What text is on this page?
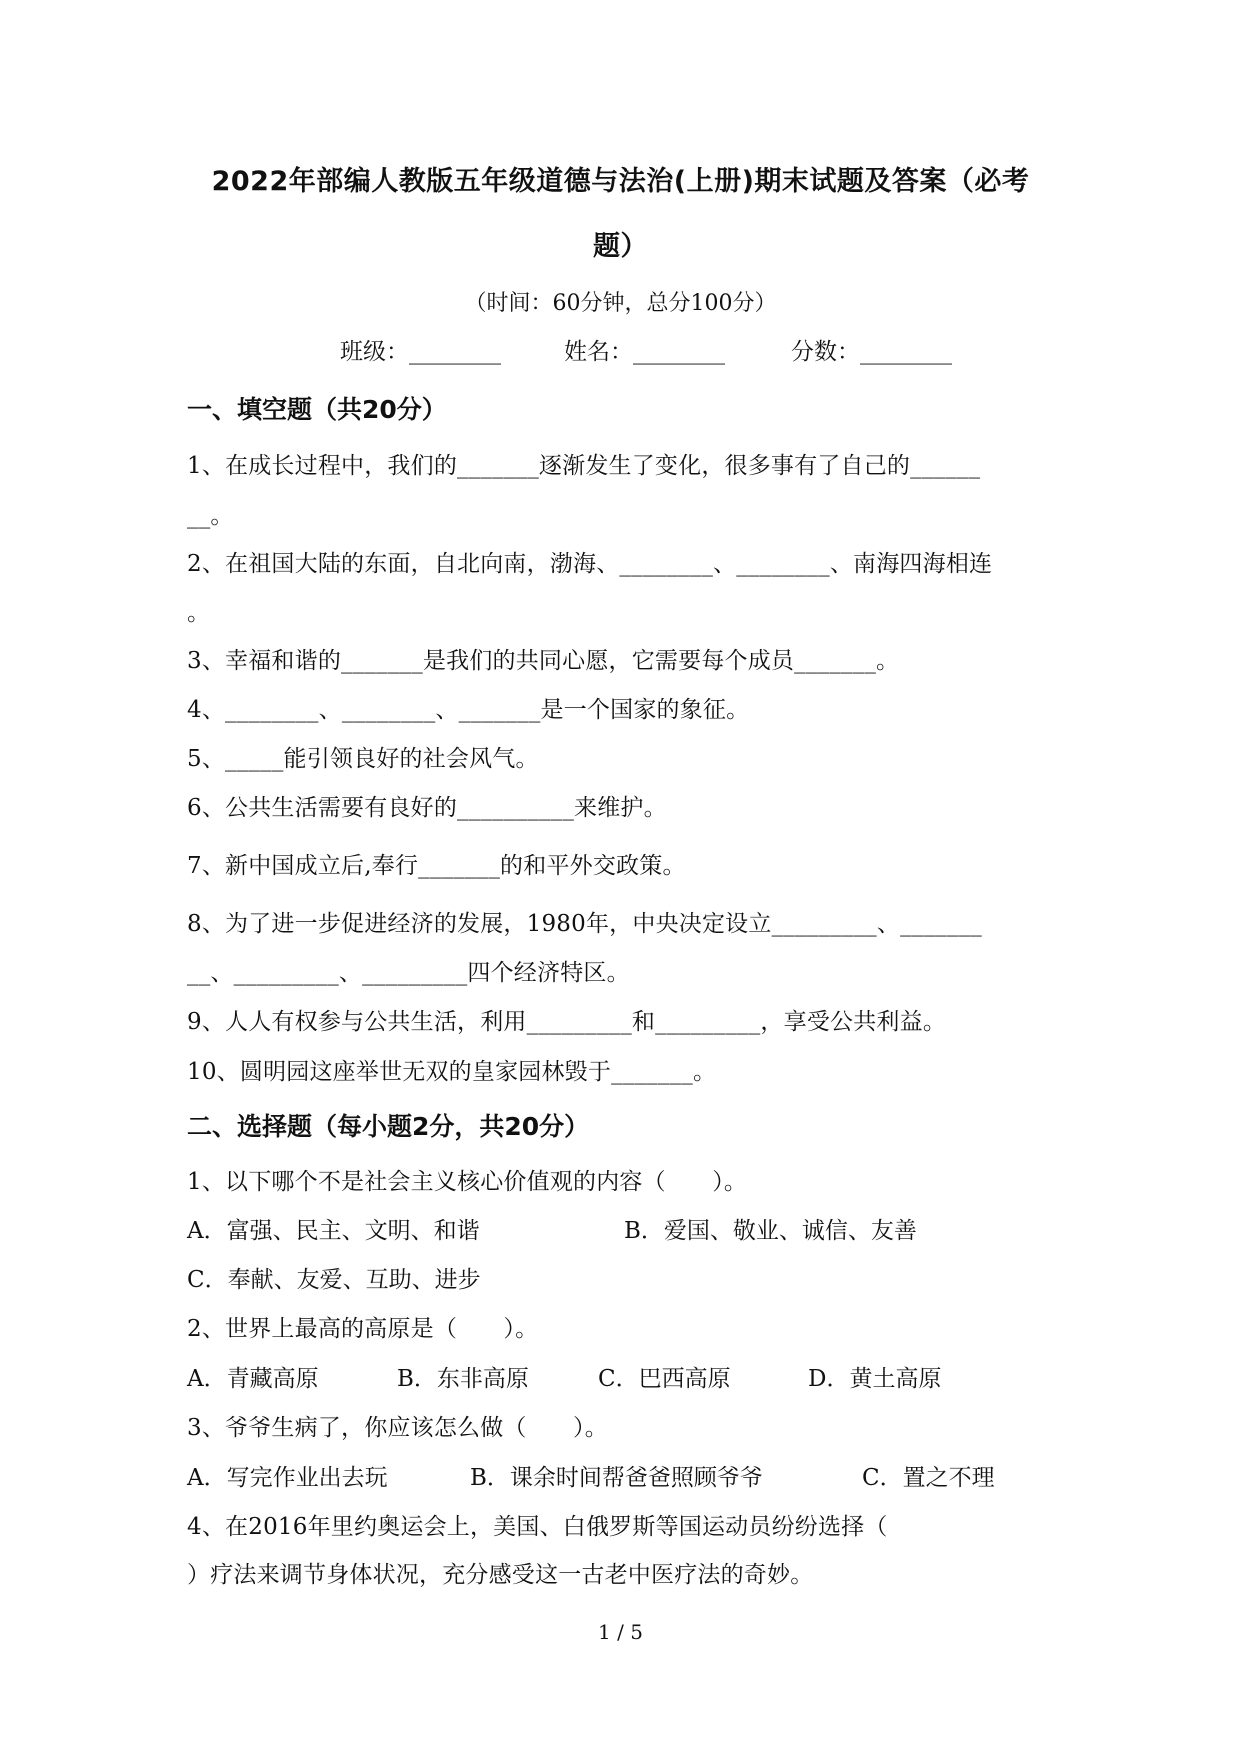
2022年部编人教版五年级道德与法治(上册)期末试题及答案（必考
题）
（时间：60分钟，总分100分）
班级：________	姓名：________	分数：________
一、填空题（共20分）
1、在成长过程中，我们的_______逐渐发生了变化，很多事有了自己的______
__。
2、在祖国大陆的东面，自北向南，渤海、________、________、南海四海相连
。
3、幸福和谐的_______是我们的共同心愿，它需要每个成员_______。
4、________、________、_______是一个国家的象征。
5、_____能引领良好的社会风气。
6、公共生活需要有良好的__________来维护。
7、新中国成立后,奉行_______的和平外交政策。
8、为了进一步促进经济的发展，1980年，中央决定设立_________、_______
__、_________、_________四个经济特区。
9、人人有权参与公共生活，利用_________和_________，享受公共利益。
10、圆明园这座举世无双的皇家园林毁于_______。
二、选择题（每小题2分，共20分）
1、以下哪个不是社会主义核心价值观的内容（　　）。
A．富强、民主、文明、和谐	B．爱国、敬业、诚信、友善
C．奉献、友爱、互助、进步
2、世界上最高的高原是（　　）。
A．青藏高原	B．东非高原	C．巴西高原	D．黄土高原
3、爷爷生病了，你应该怎么做（　　）。
A．写完作业出去玩	B．课余时间帮爸爸照顾爷爷	C．置之不理
4、在2016年里约奥运会上，美国、白俄罗斯等国运动员纷纷选择（
）疗法来调节身体状况，充分感受这一古老中医疗法的奇妙。
1 / 5
